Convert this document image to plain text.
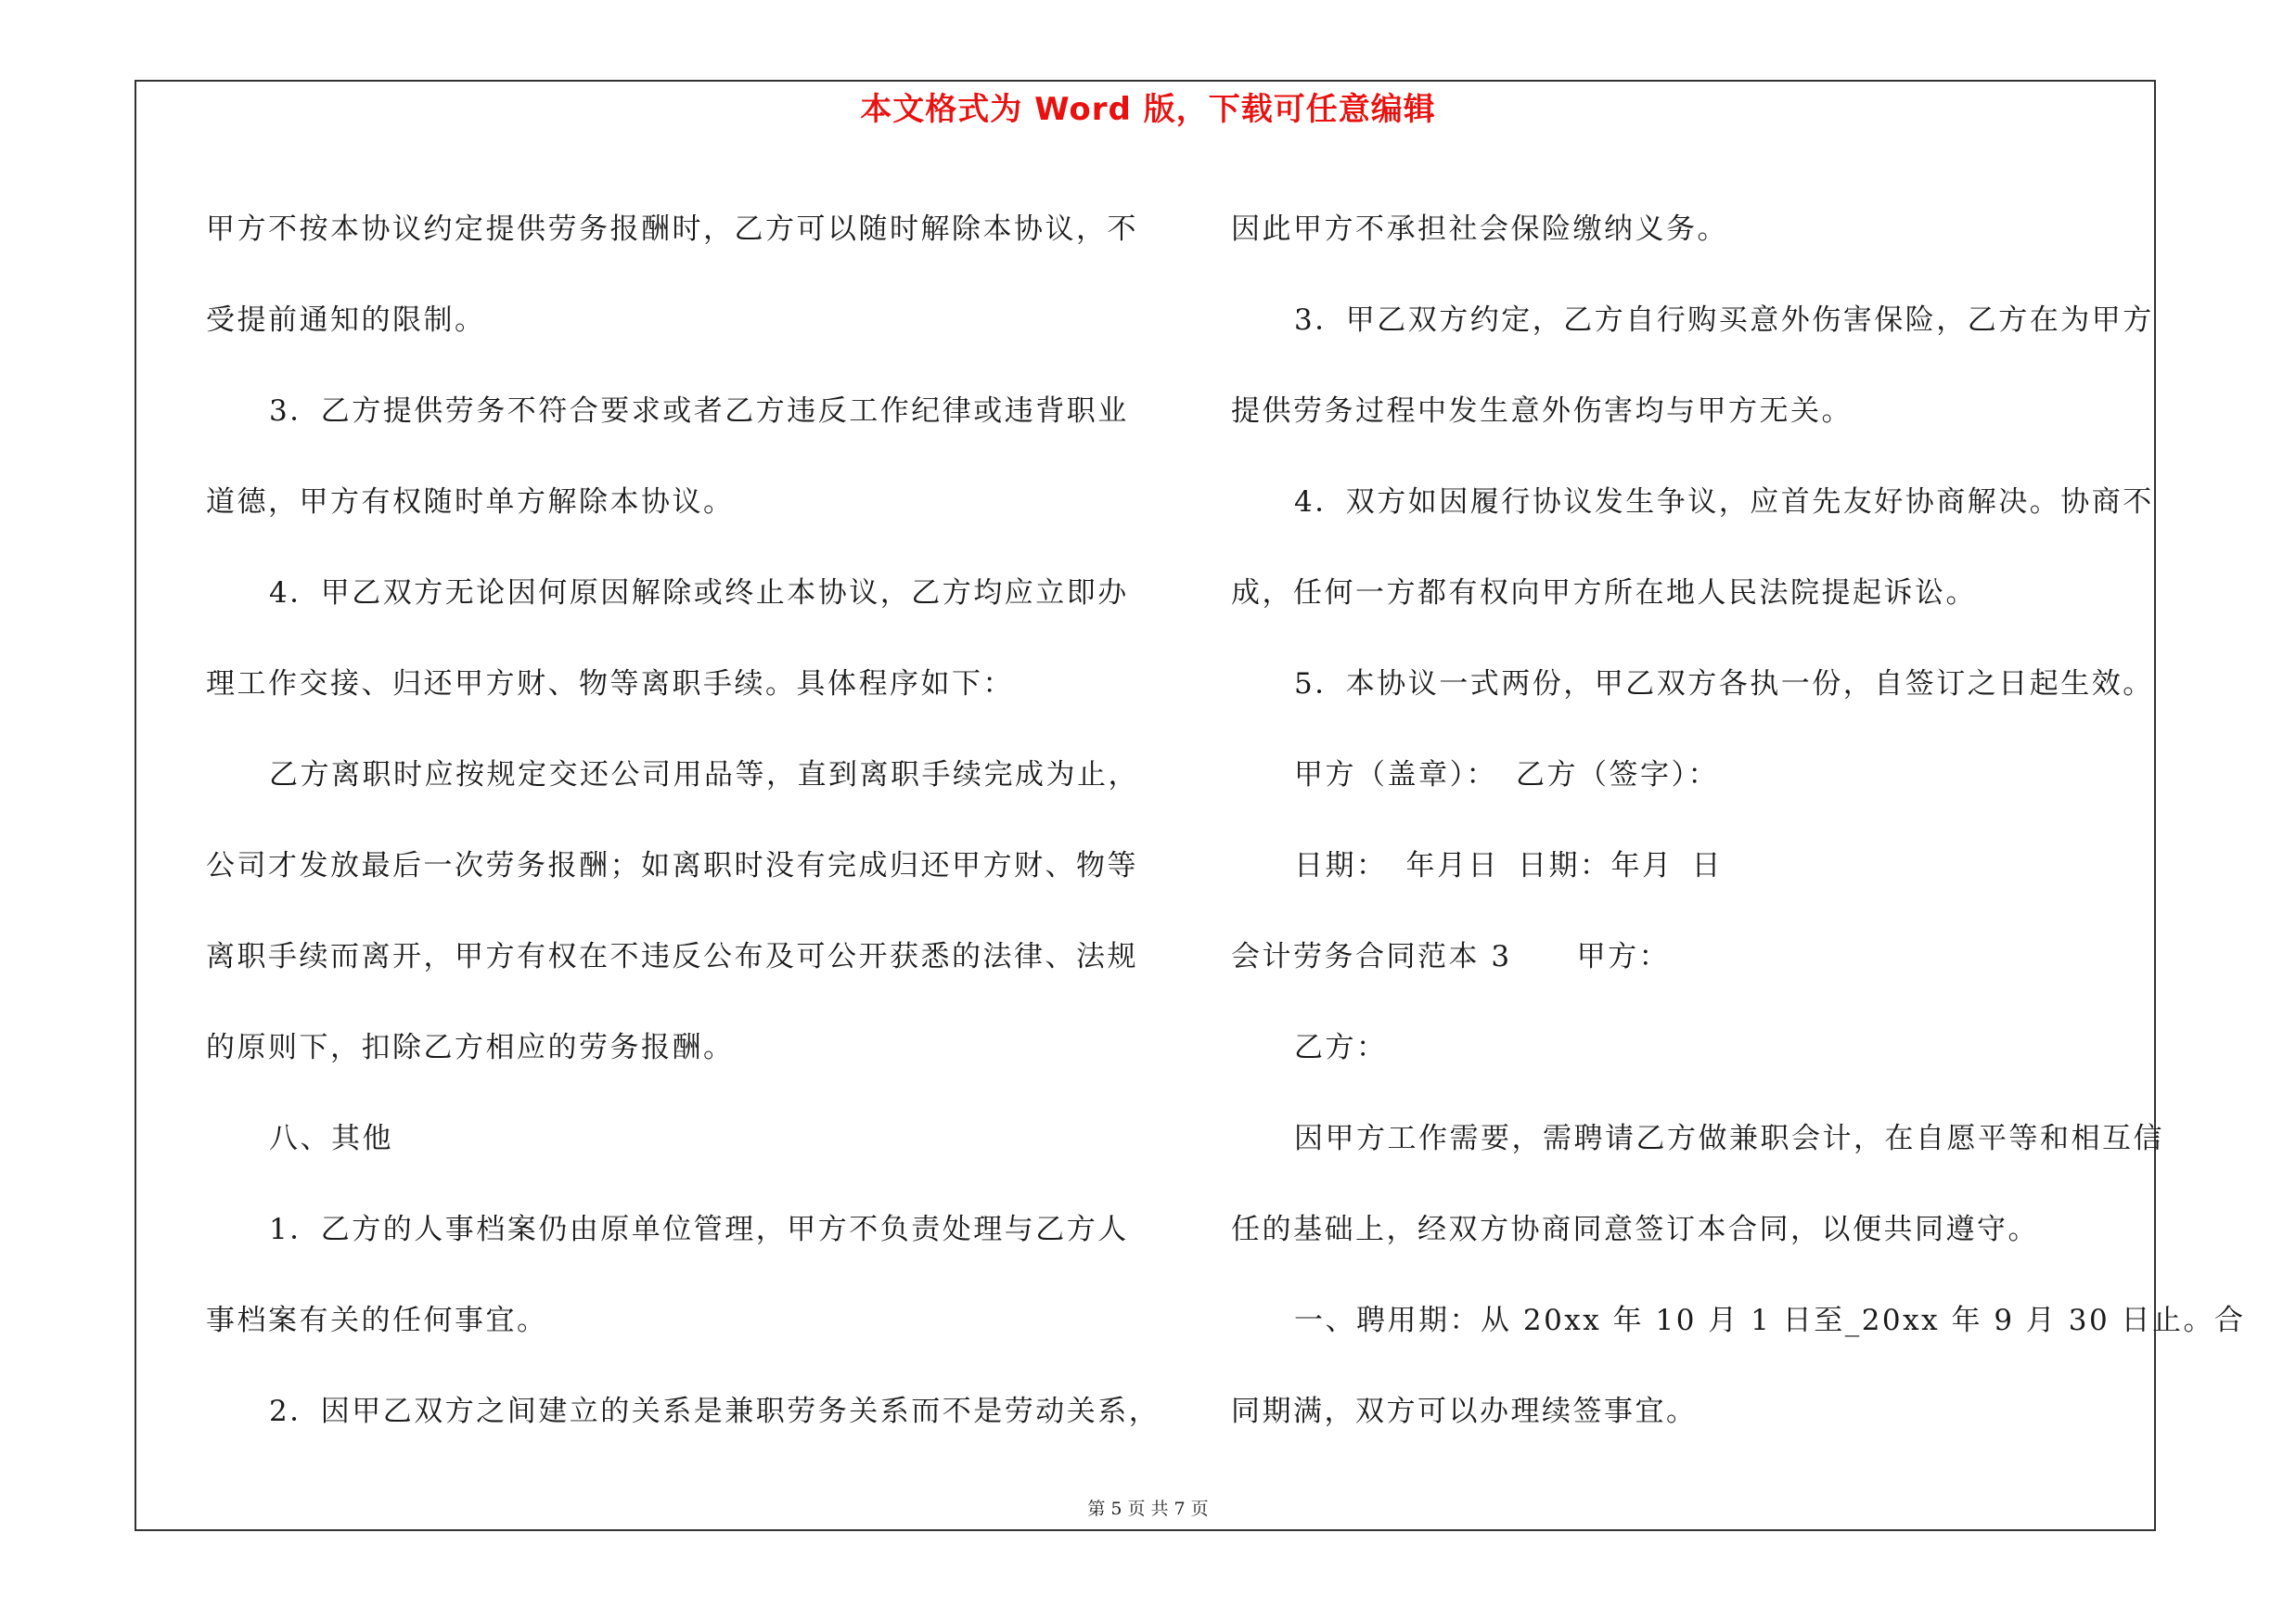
本文格式为 Word 版，下载可任意编辑
甲方不按本协议约定提供劳务报酬时，乙方可以随时解除本协议，不
受提前通知的限制。
3．乙方提供劳务不符合要求或者乙方违反工作纪律或违背职业
道德，甲方有权随时单方解除本协议。
4．甲乙双方无论因何原因解除或终止本协议，乙方均应立即办
理工作交接、归还甲方财、物等离职手续。具体程序如下：
乙方离职时应按规定交还公司用品等，直到离职手续完成为止，
公司才发放最后一次劳务报酬；如离职时没有完成归还甲方财、物等
离职手续而离开，甲方有权在不违反公布及可公开获悉的法律、法规
的原则下，扣除乙方相应的劳务报酬。
八、其他
1．乙方的人事档案仍由原单位管理，甲方不负责处理与乙方人
事档案有关的任何事宜。
2．因甲乙双方之间建立的关系是兼职劳务关系而不是劳动关系，
因此甲方不承担社会保险缴纳义务。
3．甲乙双方约定，乙方自行购买意外伤害保险，乙方在为甲方
提供劳务过程中发生意外伤害均与甲方无关。
4．双方如因履行协议发生争议，应首先友好协商解决。协商不
成，任何一方都有权向甲方所在地人民法院提起诉讼。
5．本协议一式两份，甲乙双方各执一份，自签订之日起生效。
甲方（盖章）： 乙方（签字）：
日期： 年月日 日期：年月 日
会计劳务合同范本 3 甲方：
乙方：
因甲方工作需要，需聘请乙方做兼职会计，在自愿平等和相互信
任的基础上，经双方协商同意签订本合同，以便共同遵守。
一、聘用期：从 20xx 年 10 月 1 日至_20xx 年 9 月 30 日止。合
同期满，双方可以办理续签事宜。
第 5 页 共 7 页
